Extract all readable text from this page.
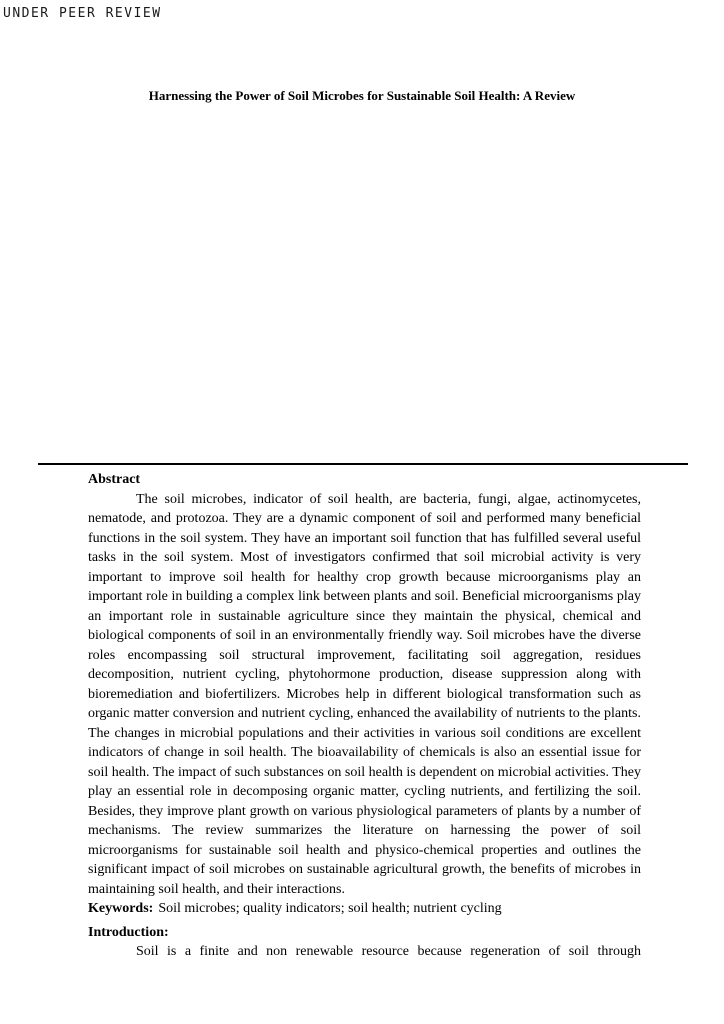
UNDER PEER REVIEW
Harnessing the Power of Soil Microbes for Sustainable Soil Health: A Review
Abstract

The soil microbes, indicator of soil health, are bacteria, fungi, algae, actinomycetes, nematode, and protozoa. They are a dynamic component of soil and performed many beneficial functions in the soil system. They have an important soil function that has fulfilled several useful tasks in the soil system. Most of investigators confirmed that soil microbial activity is very important to improve soil health for healthy crop growth because microorganisms play an important role in building a complex link between plants and soil. Beneficial microorganisms play an important role in sustainable agriculture since they maintain the physical, chemical and biological components of soil in an environmentally friendly way. Soil microbes have the diverse roles encompassing soil structural improvement, facilitating soil aggregation, residues decomposition, nutrient cycling, phytohormone production, disease suppression along with bioremediation and biofertilizers. Microbes help in different biological transformation such as organic matter conversion and nutrient cycling, enhanced the availability of nutrients to the plants. The changes in microbial populations and their activities in various soil conditions are excellent indicators of change in soil health. The bioavailability of chemicals is also an essential issue for soil health. The impact of such substances on soil health is dependent on microbial activities. They play an essential role in decomposing organic matter, cycling nutrients, and fertilizing the soil. Besides, they improve plant growth on various physiological parameters of plants by a number of mechanisms. The review summarizes the literature on harnessing the power of soil microorganisms for sustainable soil health and physico-chemical properties and outlines the significant impact of soil microbes on sustainable agricultural growth, the benefits of microbes in maintaining soil health, and their interactions.

Keywords: Soil microbes; quality indicators; soil health; nutrient cycling

Introduction:

Soil is a finite and non renewable resource because regeneration of soil through
